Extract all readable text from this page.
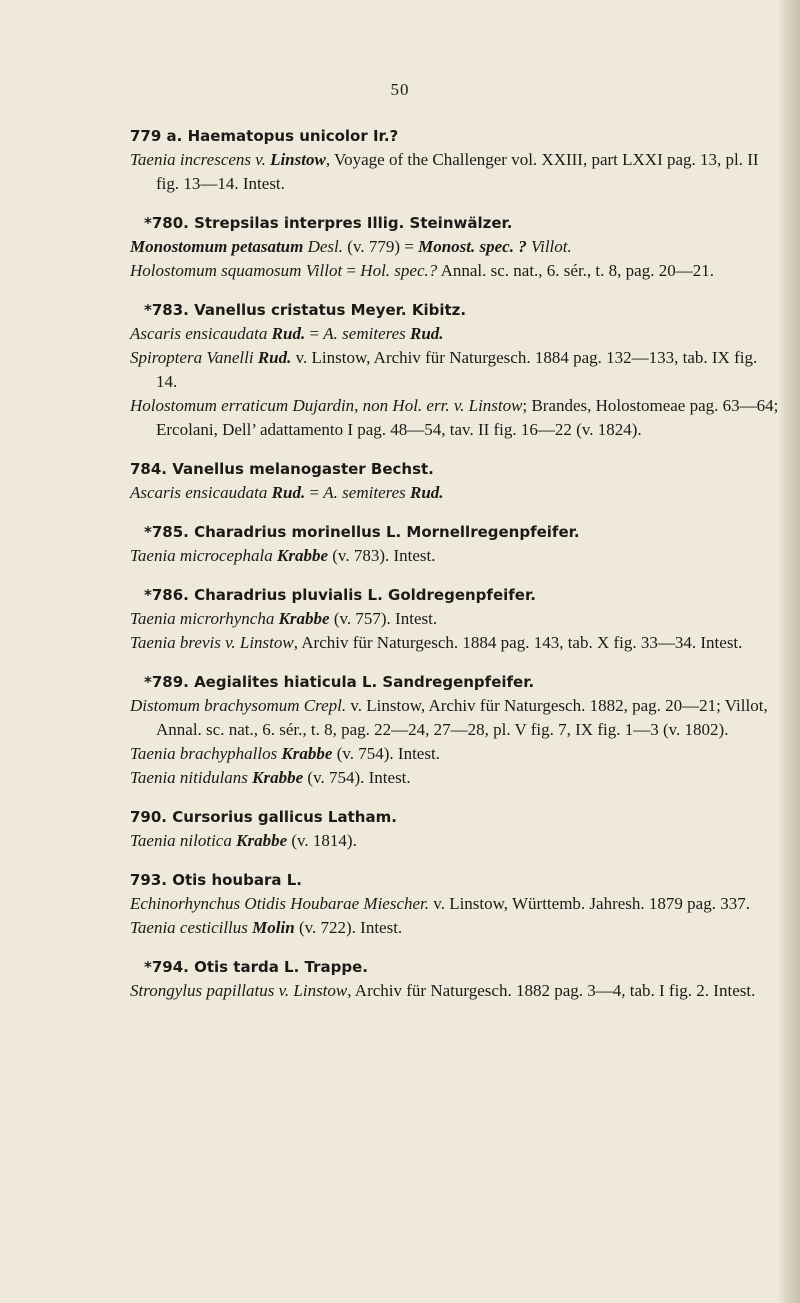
50
779 a. Haematopus unicolor Ir.?
Taenia increscens v. Linstow, Voyage of the Challenger vol. XXIII, part LXXI pag. 13, pl. II fig. 13—14. Intest.
*780. Strepsilas interpres Illig. Steinwälzer.
Monostomum petasatum Desl. (v. 779) = Monost. spec. ? Villot.
Holostomum squamosum Villot = Hol. spec.? Annal. sc. nat., 6. sér., t. 8, pag. 20—21.
*783. Vanellus cristatus Meyer. Kibitz.
Ascaris ensicaudata Rud. = A. semiteres Rud.
Spiroptera Vanelli Rud. v. Linstow, Archiv für Naturgesch. 1884 pag. 132—133, tab. IX fig. 14.
Holostomum erraticum Dujardin, non Hol. err. v. Linstow; Brandes, Holostomeae pag. 63—64; Ercolani, Dell’ adattamento I pag. 48—54, tav. II fig. 16—22 (v. 1824).
784. Vanellus melanogaster Bechst.
Ascaris ensicaudata Rud. = A. semiteres Rud.
*785. Charadrius morinellus L. Mornellregenpfeifer.
Taenia microcephala Krabbe (v. 783). Intest.
*786. Charadrius pluvialis L. Goldregenpfeifer.
Taenia microrhyncha Krabbe (v. 757). Intest.
Taenia brevis v. Linstow, Archiv für Naturgesch. 1884 pag. 143, tab. X fig. 33—34. Intest.
*789. Aegialites hiaticula L. Sandregenpfeifer.
Distomum brachysomum Crepl. v. Linstow, Archiv für Naturgesch. 1882, pag. 20—21; Villot, Annal. sc. nat., 6. sér., t. 8, pag. 22—24, 27—28, pl. V fig. 7, IX fig. 1—3 (v. 1802).
Taenia brachyphallos Krabbe (v. 754). Intest.
Taenia nitidulans Krabbe (v. 754). Intest.
790. Cursorius gallicus Latham.
Taenia nilotica Krabbe (v. 1814).
793. Otis houbara L.
Echinorhynchus Otidis Houbarae Miescher. v. Linstow, Württemb. Jahresh. 1879 pag. 337.
Taenia cesticillus Molin (v. 722). Intest.
*794. Otis tarda L. Trappe.
Strongylus papillatus v. Linstow, Archiv für Naturgesch. 1882 pag. 3—4, tab. I fig. 2. Intest.
